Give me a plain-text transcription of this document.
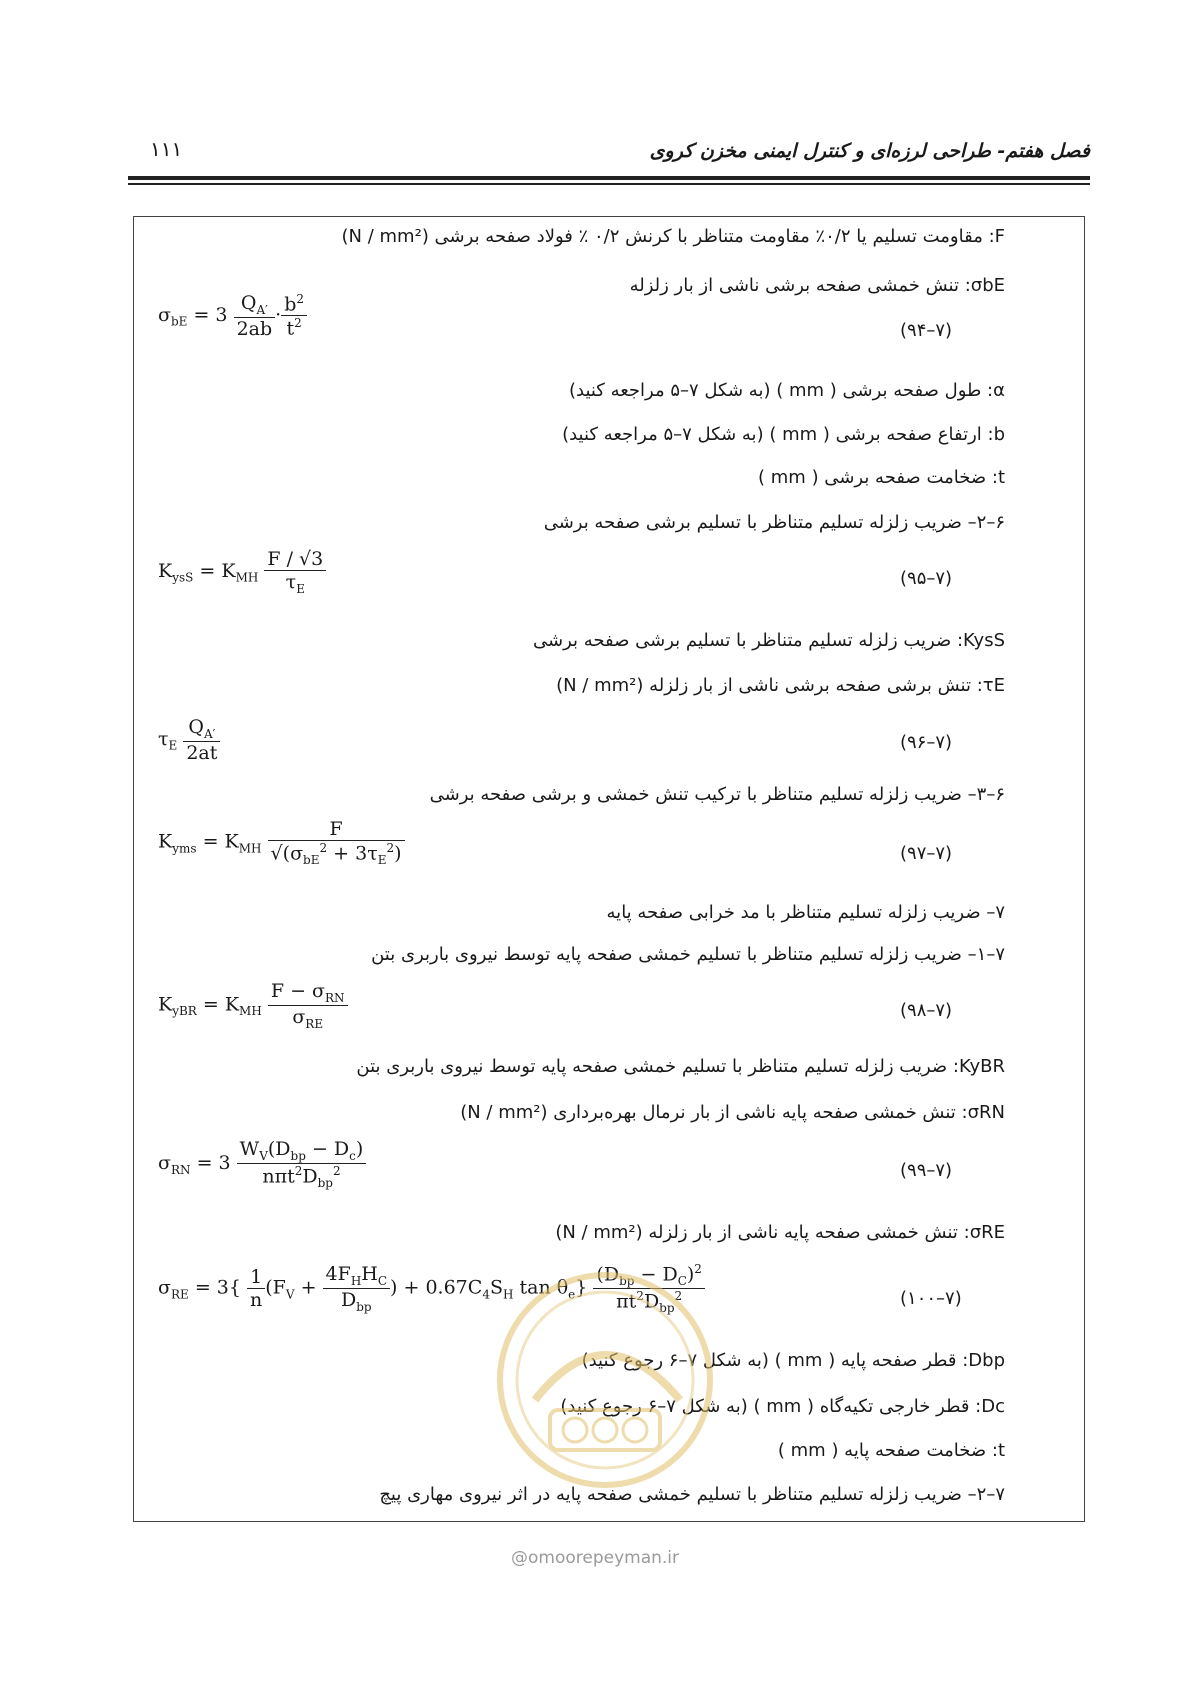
۱۱۱	فصل هفتم- طراحی لرزه‌ای و کنترل ایمنی مخزن کروی
F: مقاومت تسلیم یا ۰/۲٪ مقاومت متناظر با کرنش ۰/۲ ٪ فولاد صفحه برشی (N / mm²)
σbE: تنش خمشی صفحه برشی ناشی از بار زلزله
$\sigma_{bE} = 3 \frac{Q_{A'}}{2ab} \cdot \frac{b^2}{t^2}$	(۹۴–۷)
α: طول صفحه برشی ( mm ) (به شکل ۷–۵ مراجعه کنید)
b: ارتفاع صفحه برشی ( mm ) (به شکل ۷–۵ مراجعه کنید)
t: ضخامت صفحه برشی ( mm )
۶–۲– ضریب زلزله تسلیم متناظر با تسلیم برشی صفحه برشی
$K_{ysS} = K_{MH} \frac{F / √3}{\tau_E}$	(۹۵–۷)
KysS: ضریب زلزله تسلیم متناظر با تسلیم برشی صفحه برشی
τE: تنش برشی صفحه برشی ناشی از بار زلزله (N / mm²)
$\tau_E \frac{Q_{A'}}{2at}$	(۹۶–۷)
۶–۳– ضریب زلزله تسلیم متناظر با ترکیب تنش خمشی و برشی صفحه برشی
$K_{yms} = K_{MH} \frac{F}{√(\sigma_{bE}^2 + 3\tau_E^2)}$	(۹۷–۷)
۷– ضریب زلزله تسلیم متناظر با مد خرابی صفحه پایه
۷–۱– ضریب زلزله تسلیم متناظر با تسلیم خمشی صفحه پایه توسط نیروی باربری بتن
$K_{yBR} = K_{MH} \frac{F - \sigma_{RN}}{\sigma_{RE}}$	(۹۸–۷)
KyBR: ضریب زلزله تسلیم متناظر با تسلیم خمشی صفحه پایه توسط نیروی باربری بتن
σRN: تنش خمشی صفحه پایه ناشی از بار نرمال بهره‌برداری (N / mm²)
$\sigma_{RN} = 3 \frac{W_V(D_{bp} - D_c)}{n\pi t^2D_{bp}^2}$	(۹۹–۷)
σRE: تنش خمشی صفحه پایه ناشی از بار زلزله (N / mm²)
$\sigma_{RE} = 3\{ \frac{1}{n} (F_V + \frac{4F_HH_C}{D_{bp}}$ ) + $0.67C_4S_H$ $\tan \theta_e\} \frac{(D_{bp} - D_C)^2}{\pi t^2D_{bp}^2}$	(۱۰۰–۷)
Dbp: قطر صفحه پایه ( mm ) (به شکل ۷–۶ رجوع کنید)
Dc: قطر خارجی تکیه‌گاه ( mm ) (به شکل ۷–۶ رجوع کنید)
t: ضخامت صفحه پایه ( mm )
۷–۲– ضریب زلزله تسلیم متناظر با تسلیم خمشی صفحه پایه در اثر نیروی مهاری پیچ
@omoorepeyman.ir
